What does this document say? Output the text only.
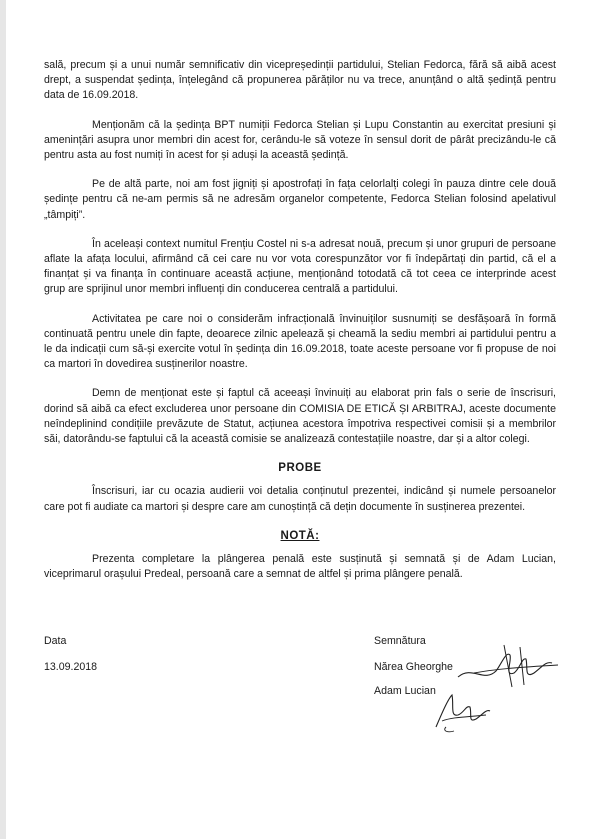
sală, precum și a unui număr semnificativ din vicepreședinții partidului, Stelian Fedorca, fără să aibă acest drept, a suspendat ședința, înțelegând că propunerea părăților nu va trece, anunțând o altă ședință pentru data de 16.09.2018.

Menționăm că la ședința BPT numiții Fedorca Stelian și Lupu Constantin au exercitat presiuni și amenințări asupra unor membri din acest for, cerându-le să voteze în sensul dorit de pârât precizându-le că pentru asta au fost numiți în acest for și aduși la această ședință.

Pe de altă parte, noi am fost jigniți și apostrofați în fața celorlalți colegi în pauza dintre cele două ședințe pentru că ne-am permis să ne adresăm organelor competente, Fedorca Stelian folosind apelativul „tâmpiți”.

În aceleași context numitul Frențiu Costel ni s-a adresat nouă, precum și unor grupuri de persoane aflate la afața locului, afirmând că cei care nu vor vota corespunzător vor fi îndepărtați din partid, că el a finanțat și va finanța în continuare această acțiune, menționând totodată că tot ceea ce interprinde acest grup are sprijinul unor membri influenți din conducerea centrală a partidului.

Activitatea pe care noi o considerăm infracțională învinuiților susnumiți se desfășoară în formă continuată pentru unele din fapte, deoarece zilnic apelează și cheamă la sediu membri ai partidului pentru a le da indicații cum să-și exercite votul în ședința din 16.09.2018, toate aceste persoane vor fi propuse de noi ca martori în dovedirea susținerilor noastre.

Demn de menționat este și faptul că aceeași învinuiți au elaborat prin fals o serie de înscrisuri, dorind să aibă ca efect excluderea unor persoane din COMISIA DE ETICĂ ȘI ARBITRAJ, aceste documente neîndeplinind condițiile prevăzute de Statut, acțiunea acestora împotriva respectivei comisii și a membrilor săi, datorându-se faptului că la această comisie se analizează contestațiile noastre, dar și a altor colegi.

PROBE

Înscrisuri, iar cu ocazia audierii voi detalia conținutul prezentei, indicând și numele persoanelor care pot fi audiate ca martori și despre care am cunoștință că dețin documente în susținerea prezentei.

NOTĂ:

Prezenta completare la plângerea penală este susținută și semnată și de Adam Lucian, viceprimarul orașului Predeal, persoană care a semnat de altfel și prima plângere penală.

Data
13.09.2018
Semnătura
Nărea Gheorghe
Adam Lucian
